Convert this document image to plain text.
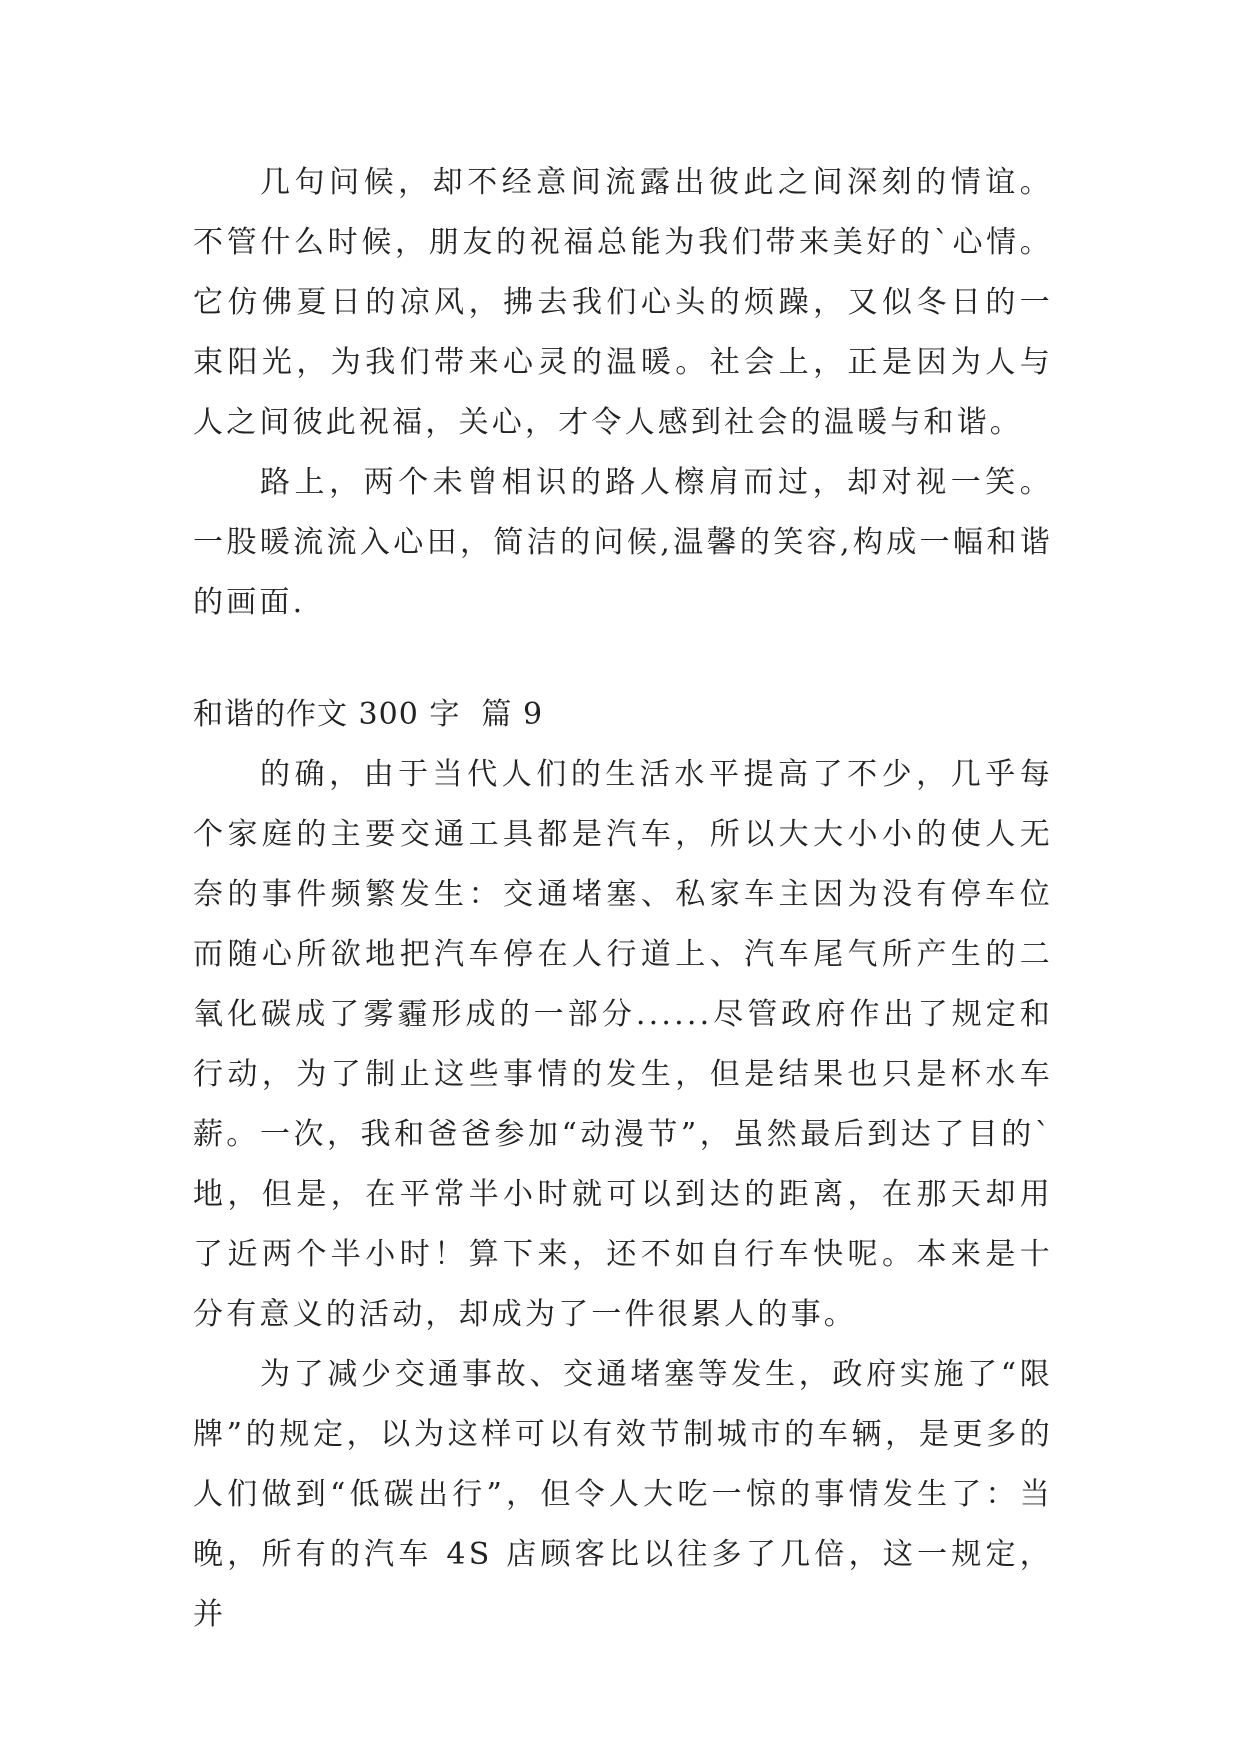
几句问候，却不经意间流露出彼此之间深刻的情谊。不管什么时候，朋友的祝福总能为我们带来美好的`心情。它仿佛夏日的凉风，拂去我们心头的烦躁，又似冬日的一束阳光，为我们带来心灵的温暖。社会上，正是因为人与人之间彼此祝福，关心，才令人感到社会的温暖与和谐。

路上，两个未曾相识的路人檫肩而过，却对视一笑。一股暖流流入心田，简洁的问候,温馨的笑容,构成一幅和谐的画面.

和谐的作文 300 字  篇 9

的确，由于当代人们的生活水平提高了不少，几乎每个家庭的主要交通工具都是汽车，所以大大小小的使人无奈的事件频繁发生：交通堵塞、私家车主因为没有停车位而随心所欲地把汽车停在人行道上、汽车尾气所产生的二氧化碳成了雾霾形成的一部分......尽管政府作出了规定和行动，为了制止这些事情的发生，但是结果也只是杯水车薪。 一次，我和爸爸参加“动漫节”，虽然最后到达了目的`地，但是，在平常半小时就可以到达的距离，在那天却用了近两个半小时！算下来，还不如自行车快呢。本来是十分有意义的活动，却成为了一件很累人的事。

为了减少交通事故、交通堵塞等发生，政府实施了“限牌”的规定，以为这样可以有效节制城市的车辆，是更多的人们做到“低碳出行”，但令人大吃一惊的事情发生了：当晚，所有的汽车 4S 店顾客比以往多了几倍，这一规定，并
